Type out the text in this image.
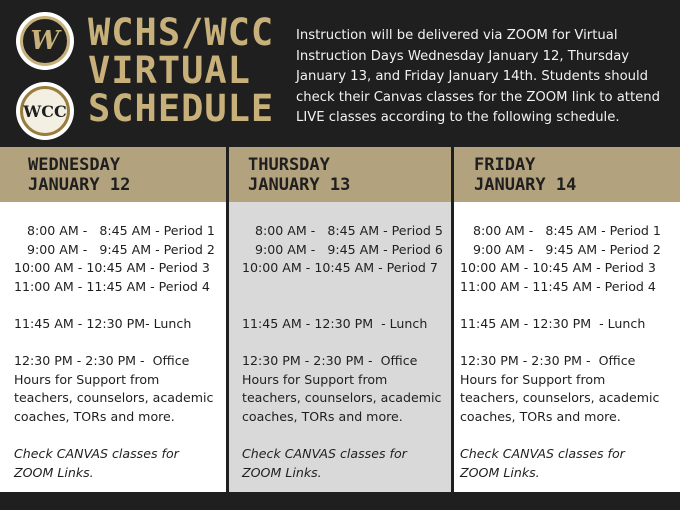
W
WCC
WCHS/WCC
VIRTUAL
SCHEDULE
Instruction will be delivered via ZOOM for Virtual Instruction Days Wednesday January 12, Thursday January 13, and Friday January 14th. Students should check their Canvas classes for the ZOOM link to attend LIVE classes according to the following schedule.
WEDNESDAY
JANUARY 12
THURSDAY
JANUARY 13
FRIDAY
JANUARY 14
8:00 AM -   8:45 AM - Period 1
9:00 AM -   9:45 AM - Period 2
10:00 AM - 10:45 AM - Period 3
11:00 AM - 11:45 AM - Period 4
11:45 AM - 12:30 PM- Lunch
12:30 PM - 2:30 PM -  Office
Hours for Support from
teachers, counselors, academic
coaches, TORs and more.
Check CANVAS classes for
ZOOM Links.
8:00 AM -   8:45 AM - Period 5
9:00 AM -   9:45 AM - Period 6
10:00 AM - 10:45 AM - Period 7
11:45 AM - 12:30 PM  - Lunch
12:30 PM - 2:30 PM -  Office
Hours for Support from
teachers, counselors, academic
coaches, TORs and more.
Check CANVAS classes for
ZOOM Links.
8:00 AM -   8:45 AM - Period 1
9:00 AM -   9:45 AM - Period 2
10:00 AM - 10:45 AM - Period 3
11:00 AM - 11:45 AM - Period 4
11:45 AM - 12:30 PM  - Lunch
12:30 PM - 2:30 PM -  Office
Hours for Support from
teachers, counselors, academic
coaches, TORs and more.
Check CANVAS classes for
ZOOM Links.
